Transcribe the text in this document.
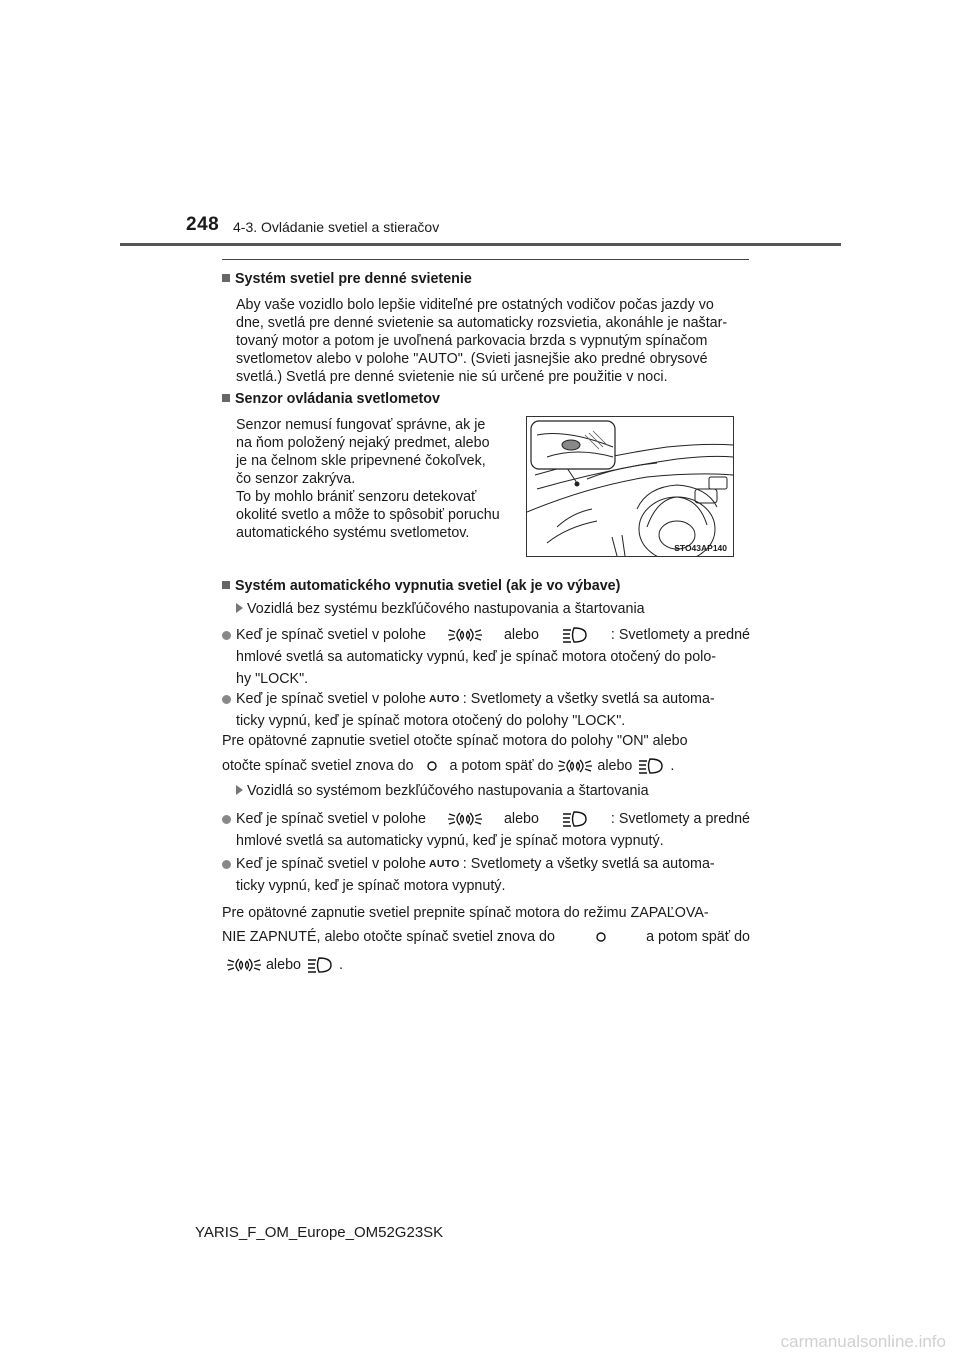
248 4-3. Ovládanie svetiel a stieračov
Systém svetiel pre denné svietenie
Aby vaše vozidlo bolo lepšie viditeľné pre ostatných vodičov počas jazdy vo
dne, svetlá pre denné svietenie sa automaticky rozsvietia, akonáhle je naštar-
tovaný motor a potom je uvoľnená parkovacia brzda s vypnutým spínačom
svetlometov alebo v polohe "AUTO". (Svieti jasnejšie ako predné obrysové
svetlá.) Svetlá pre denné svietenie nie sú určené pre použitie v noci.
Senzor ovládania svetlometov
Senzor nemusí fungovať správne, ak je
na ňom položený nejaký predmet, alebo
je na čelnom skle pripevnené čokoľvek,
čo senzor zakrýva.
To by mohlo brániť senzoru detekovať
okolité svetlo a môže to spôsobiť poruchu
automatického systému svetlometov.
STO43AP140
Systém automatického vypnutia svetiel (ak je vo výbave)
Vozidlá bez systému bezkľúčového nastupovania a štartovania
Keď je spínač svetiel v polohe	alebo	: Svetlomety a predné
hmlové svetlá sa automaticky vypnú, keď je spínač motora otočený do polo-
hy "LOCK".
Keď je spínač svetiel v polohe AUTO : Svetlomety a všetky svetlá sa automa-
ticky vypnú, keď je spínač motora otočený do polohy "LOCK".
Pre opätovné zapnutie svetiel otočte spínač motora do polohy "ON" alebo
otočte spínač svetiel znova do	a potom späť do	alebo	.
Vozidlá so systémom bezkľúčového nastupovania a štartovania
Keď je spínač svetiel v polohe	alebo	: Svetlomety a predné
hmlové svetlá sa automaticky vypnú, keď je spínač motora vypnutý.
Keď je spínač svetiel v polohe AUTO : Svetlomety a všetky svetlá sa automa-
ticky vypnú, keď je spínač motora vypnutý.
Pre opätovné zapnutie svetiel prepnite spínač motora do režimu ZAPAĽOVA-
NIE ZAPNUTÉ, alebo otočte spínač svetiel znova do	a potom späť do
alebo	.
YARIS_F_OM_Europe_OM52G23SK
carmanualsonline.info
